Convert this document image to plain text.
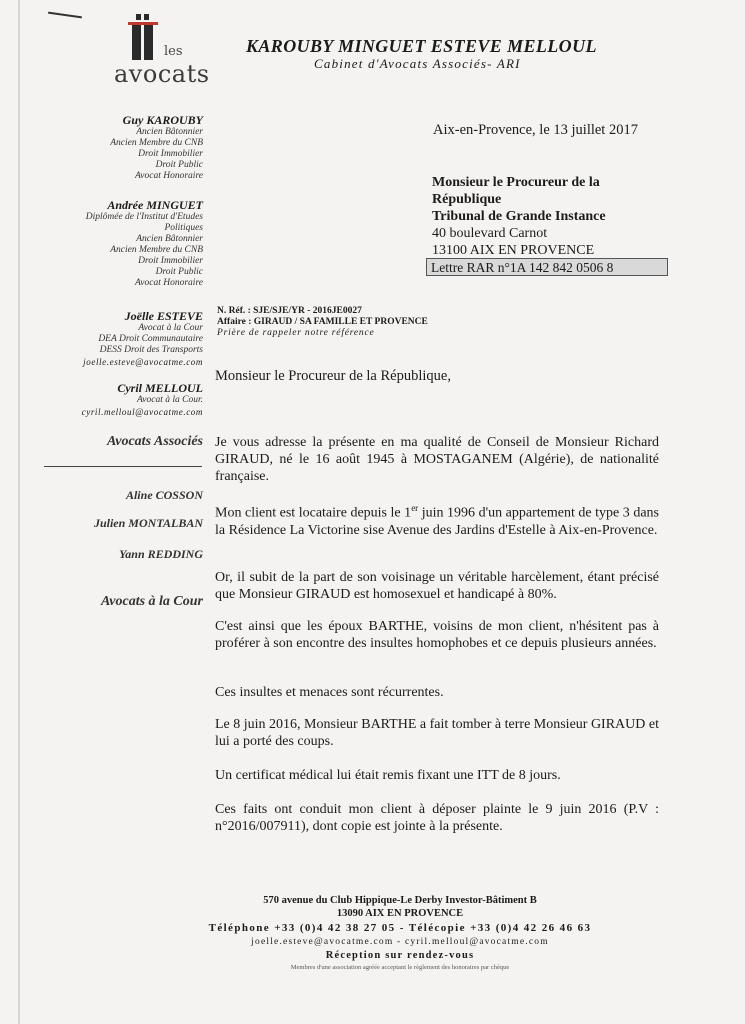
les
avocats
KAROUBY MINGUET ESTEVE MELLOUL
Cabinet d'Avocats Associés- ARI
Guy KAROUBY
Ancien Bâtonnier
Ancien Membre du CNB
Droit Immobilier
Droit Public
Avocat Honoraire
Andrée MINGUET
Diplômée de l'Institut d'Etudes
Politiques
Ancien Bâtonnier
Ancien Membre du CNB
Droit Immobilier
Droit Public
Avocat Honoraire
Joëlle ESTEVE
Avocat à la Cour
DEA Droit Communautaire
DESS Droit des Transports
joelle.esteve@avocatme.com
Cyril MELLOUL
Avocat à la Cour.
cyril.melloul@avocatme.com
Avocats Associés
Aline COSSON
Julien MONTALBAN
Yann REDDING
Avocats à la Cour
Aix-en-Provence, le 13 juillet 2017
Monsieur le Procureur de la
République
Tribunal de Grande Instance
40 boulevard Carnot
13100 AIX EN PROVENCE
Lettre RAR n°1A 142 842 0506 8
N. Réf. : SJE/SJE/YR - 2016JE0027
Affaire : GIRAUD / SA FAMILLE ET PROVENCE
Prière de rappeler notre référence
Monsieur le Procureur de la République,
Je vous adresse la présente en ma qualité de Conseil de Monsieur Richard GIRAUD, né le 16 août 1945 à MOSTAGANEM (Algérie), de nationalité française.
Mon client est locataire depuis le 1er juin 1996 d'un appartement de type 3 dans la Résidence La Victorine sise Avenue des Jardins d'Estelle à Aix-en-Provence.
Or, il subit de la part de son voisinage un véritable harcèlement, étant précisé que Monsieur GIRAUD est homosexuel et handicapé à 80%.
C'est ainsi que les époux BARTHE, voisins de mon client, n'hésitent pas à proférer à son encontre des insultes homophobes et ce depuis plusieurs années.
Ces insultes et menaces sont récurrentes.
Le 8 juin 2016, Monsieur BARTHE a fait tomber à terre Monsieur GIRAUD et lui a porté des coups.
Un certificat médical lui était remis fixant une ITT de 8 jours.
Ces faits ont conduit mon client à déposer plainte le 9 juin 2016 (P.V : n°2016/007911), dont copie est jointe à la présente.
570 avenue du Club Hippique-Le Derby Investor-Bâtiment B
13090 AIX EN PROVENCE
Téléphone +33 (0)4 42 38 27 05 - Télécopie +33 (0)4 42 26 46 63
joelle.esteve@avocatme.com - cyril.melloul@avocatme.com
Réception sur rendez-vous
Membres d'une association agréée acceptant le règlement des honoraires par chèque
